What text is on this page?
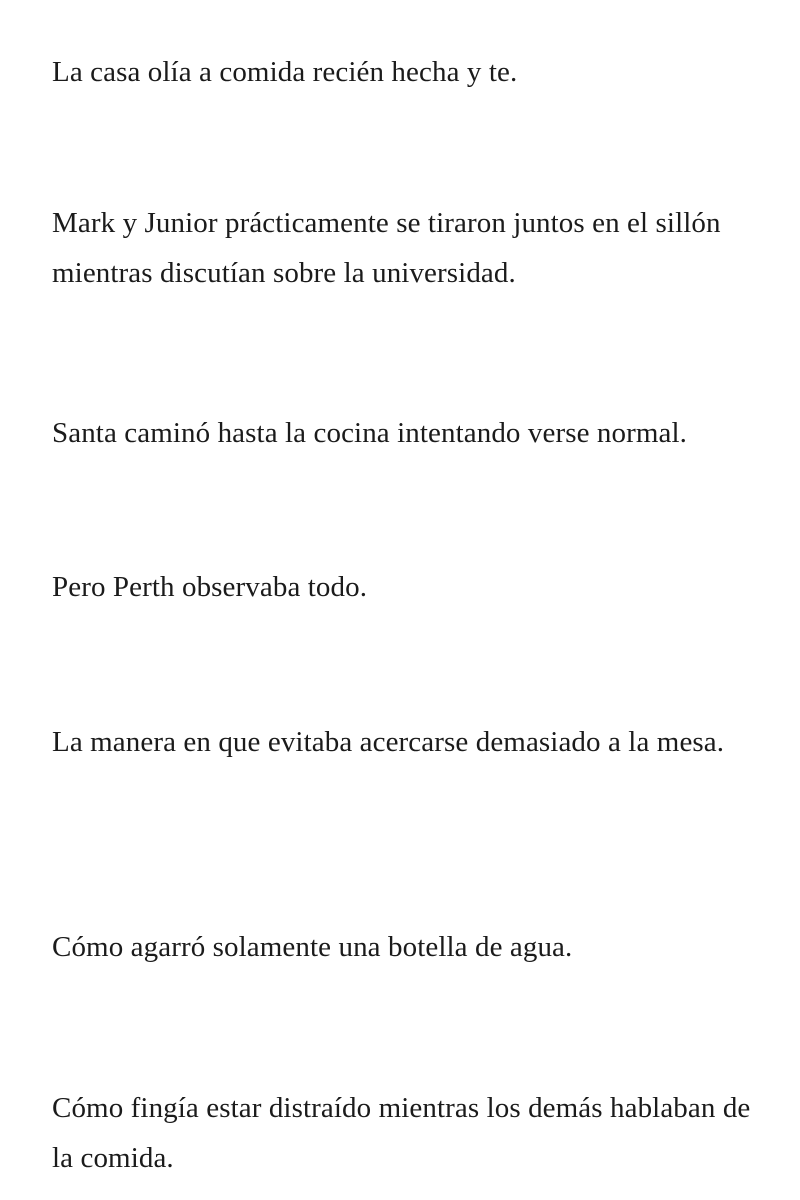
La casa olía a comida recién hecha y te.

Mark y Junior prácticamente se tiraron juntos en el sillón mientras discutían sobre la universidad.

Santa caminó hasta la cocina intentando verse normal.

Pero Perth observaba todo.

La manera en que evitaba acercarse demasiado a la mesa.

Cómo agarró solamente una botella de agua.

Cómo fingía estar distraído mientras los demás hablaban de la comida.
